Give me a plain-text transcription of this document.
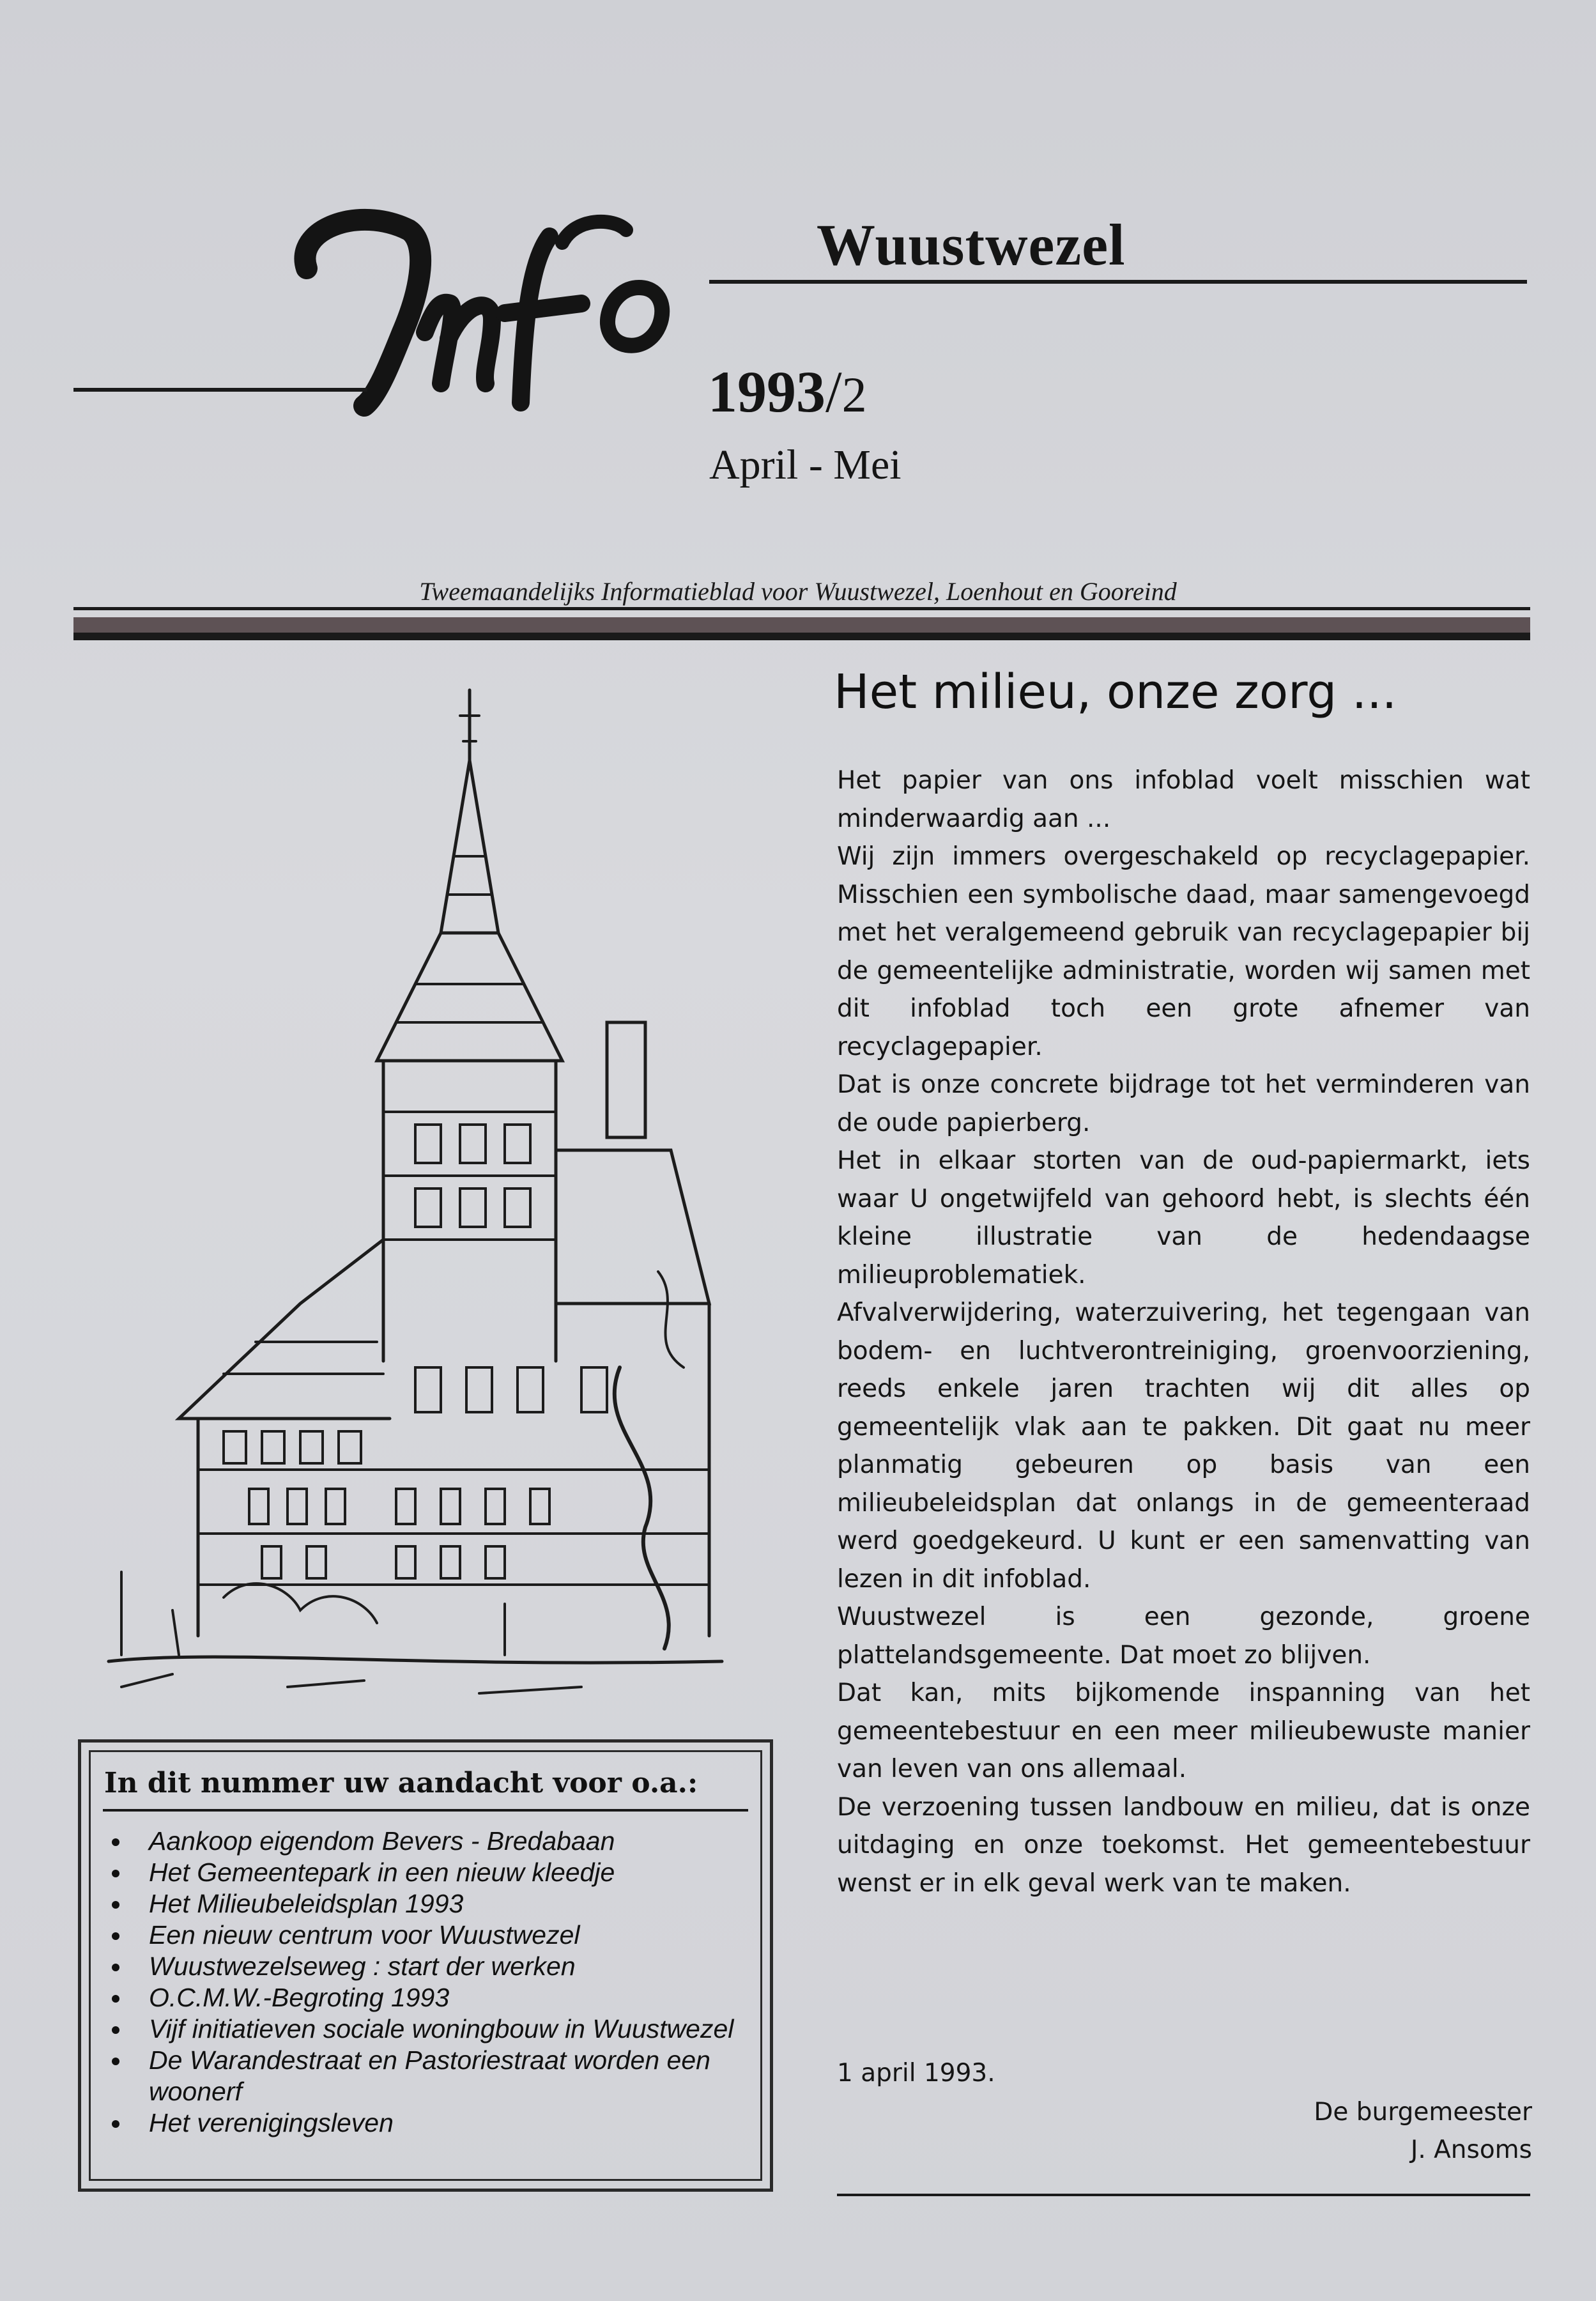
Wuustwezel
1993/2
April - Mei
Tweemaandelijks Informatieblad voor Wuustwezel, Loenhout en Gooreind
In dit nummer uw aandacht voor o.a.:
Aankoop eigendom Bevers - Bredabaan
Het Gemeentepark in een nieuw kleedje
Het Milieubeleidsplan 1993
Een nieuw centrum voor Wuustwezel
Wuustwezelseweg : start der werken
O.C.M.W.-Begroting 1993
Vijf initiatieven sociale woningbouw in Wuustwezel
De Warandestraat en Pastoriestraat worden een woonerf
Het verenigingsleven
Het milieu, onze zorg ...

Het papier van ons infoblad voelt misschien wat minderwaardig aan ...

Wij zijn immers overgeschakeld op recyclagepapier. Misschien een symbolische daad, maar samengevoegd met het veralgemeend gebruik van recyclagepapier bij de gemeentelijke administratie, worden wij samen met dit infoblad toch een grote afnemer van recyclagepapier.

Dat is onze concrete bijdrage tot het verminderen van de oude papierberg.

Het in elkaar storten van de oud-papiermarkt, iets waar U ongetwijfeld van gehoord hebt, is slechts één kleine illustratie van de hedendaagse milieuproblematiek.

Afvalverwijdering, waterzuivering, het tegengaan van bodem- en luchtverontreiniging, groenvoorziening, reeds enkele jaren trachten wij dit alles op gemeentelijk vlak aan te pakken. Dit gaat nu meer planmatig gebeuren op basis van een milieubeleidsplan dat onlangs in de gemeenteraad werd goedgekeurd. U kunt er een samenvatting van lezen in dit infoblad.

Wuustwezel is een gezonde, groene plattelandsgemeente. Dat moet zo blijven.

Dat kan, mits bijkomende inspanning van het gemeentebestuur en een meer milieubewuste manier van leven van ons allemaal.

De verzoening tussen landbouw en milieu, dat is onze uitdaging en onze toekomst. Het gemeentebestuur wenst er in elk geval werk van te maken.

1 april 1993.
De burgemeester
J. Ansoms
